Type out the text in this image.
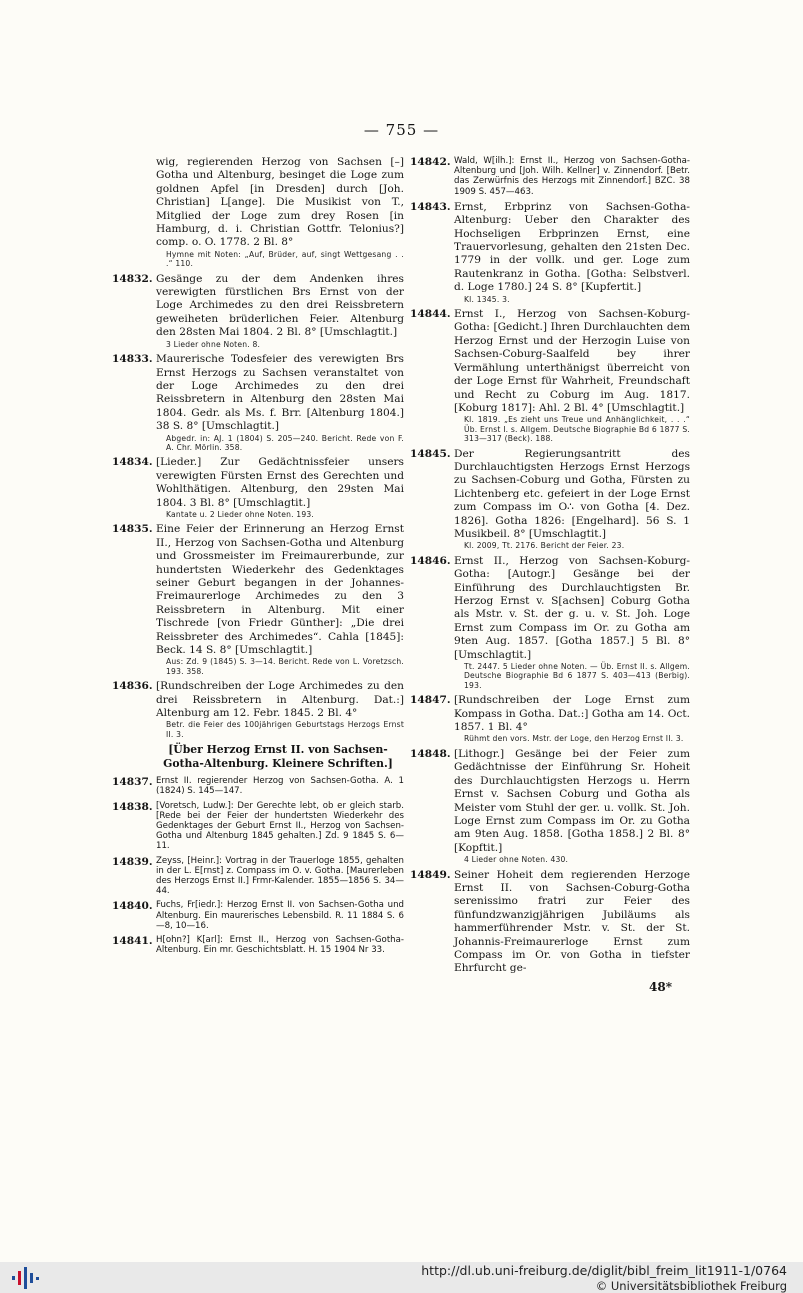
— 755 —
wig, regierenden Herzog von Sachsen [–] Gotha und Altenburg, besinget die Loge zum goldnen Apfel [in Dresden] durch [Joh. Christian] L[ange]. Die Musikist von T., Mitglied der Loge zum drey Rosen [in Hamburg, d. i. Christian Gottfr. Telonius?] comp. o. O. 1778. 2 Bl. 8°
Hymne mit Noten: „Auf, Brüder, auf, singt Wettgesang . . .“ 110.
14832. Gesänge zu der dem Andenken ihres verewigten fürstlichen Brs Ernst von der Loge Archimedes zu den drei Reissbretern geweiheten brüderlichen Feier. Altenburg den 28sten Mai 1804. 2 Bl. 8° [Umschlagtit.]
3 Lieder ohne Noten. 8.
14833. Maurerische Todesfeier des verewigten Brs Ernst Herzogs zu Sachsen veranstaltet von der Loge Archimedes zu den drei Reissbretern in Altenburg den 28sten Mai 1804. Gedr. als Ms. f. Brr. [Altenburg 1804.] 38 S. 8° [Umschlagtit.]
Abgedr. in: AJ. 1 (1804) S. 205—240. Bericht. Rede von F. A. Chr. Mörlin. 358.
14834. [Lieder.] Zur Gedächtnissfeier unsers verewigten Fürsten Ernst des Gerechten und Wohlthätigen. Altenburg, den 29sten Mai 1804. 3 Bl. 8° [Umschlagtit.]
Kantate u. 2 Lieder ohne Noten. 193.
14835. Eine Feier der Erinnerung an Herzog Ernst II., Herzog von Sachsen-Gotha und Altenburg und Grossmeister im Freimaurerbunde, zur hundertsten Wiederkehr des Gedenktages seiner Geburt begangen in der Johannes-Freimaurerloge Archimedes zu den 3 Reissbretern in Altenburg. Mit einer Tischrede [von Friedr Günther]: „Die drei Reissbreter des Archimedes“. Cahla [1845]: Beck. 14 S. 8° [Umschlagtit.]
Aus: Zd. 9 (1845) S. 3—14. Bericht. Rede von L. Voretzsch. 193. 358.
14836. [Rundschreiben der Loge Archimedes zu den drei Reissbretern in Altenburg. Dat.:] Altenburg am 12. Febr. 1845. 2 Bl. 4°
Betr. die Feier des 100jährigen Geburtstags Herzogs Ernst II. 3.
[Über Herzog Ernst II. von Sachsen-Gotha-Altenburg. Kleinere Schriften.]
14837. Ernst II. regierender Herzog von Sachsen-Gotha. A. 1 (1824) S. 145—147.
14838. [Voretsch, Ludw.]: Der Gerechte lebt, ob er gleich starb. [Rede bei der Feier der hundertsten Wiederkehr des Gedenktages der Geburt Ernst II., Herzog von Sachsen-Gotha und Altenburg 1845 gehalten.] Zd. 9 1845 S. 6—11.
14839. Zeyss, [Heinr.]: Vortrag in der Trauerloge 1855, gehalten in der L. E[rnst] z. Compass im O. v. Gotha. [Maurerleben des Herzogs Ernst II.] Frmr-Kalender. 1855—1856 S. 34—44.
14840. Fuchs, Fr[iedr.]: Herzog Ernst II. von Sachsen-Gotha und Altenburg. Ein maurerisches Lebensbild. R. 11 1884 S. 6—8, 10—16.
14841. H[ohn?] K[arl]: Ernst II., Herzog von Sachsen-Gotha-Altenburg. Ein mr. Geschichtsblatt. H. 15 1904 Nr 33.
14842. Wald, W[ilh.]: Ernst II., Herzog von Sachsen-Gotha-Altenburg und [Joh. Wilh. Kellner] v. Zinnendorf. [Betr. das Zerwürfnis des Herzogs mit Zinnendorf.] BZC. 38 1909 S. 457—463.
14843. Ernst, Erbprinz von Sachsen-Gotha-Altenburg: Ueber den Charakter des Hochseligen Erbprinzen Ernst, eine Trauervorlesung, gehalten den 21sten Dec. 1779 in der vollk. und ger. Loge zum Rautenkranz in Gotha. [Gotha: Selbstverl. d. Loge 1780.] 24 S. 8° [Kupfertit.]
Kl. 1345. 3.
14844. Ernst I., Herzog von Sachsen-Koburg-Gotha: [Gedicht.] Ihren Durchlauchten dem Herzog Ernst und der Herzogin Luise von Sachsen-Coburg-Saalfeld bey ihrer Vermählung unterthänigst überreicht von der Loge Ernst für Wahrheit, Freundschaft und Recht zu Coburg im Aug. 1817. [Koburg 1817]: Ahl. 2 Bl. 4° [Umschlagtit.]
Kl. 1819. „Es zieht uns Treue und Anhänglichkeit, . . .“ Üb. Ernst I. s. Allgem. Deutsche Biographie Bd 6 1877 S. 313—317 (Beck). 188.
14845. Der Regierungsantritt des Durchlauchtigsten Herzogs Ernst Herzogs zu Sachsen-Coburg und Gotha, Fürsten zu Lichtenberg etc. gefeiert in der Loge Ernst zum Compass im O∴ von Gotha [4. Dez. 1826]. Gotha 1826: [Engelhard]. 56 S. 1 Musikbeil. 8° [Umschlagtit.]
Kl. 2009, Tt. 2176. Bericht der Feier. 23.
14846. Ernst II., Herzog von Sachsen-Koburg-Gotha: [Autogr.] Gesänge bei der Einführung des Durchlauchtigsten Br. Herzog Ernst v. S[achsen] Coburg Gotha als Mstr. v. St. der g. u. v. St. Joh. Loge Ernst zum Compass im Or. zu Gotha am 9ten Aug. 1857. [Gotha 1857.] 5 Bl. 8° [Umschlagtit.]
Tt. 2447. 5 Lieder ohne Noten. — Üb. Ernst II. s. Allgem. Deutsche Biographie Bd 6 1877 S. 403—413 (Berbig). 193.
14847. [Rundschreiben der Loge Ernst zum Kompass in Gotha. Dat.:] Gotha am 14. Oct. 1857. 1 Bl. 4°
Rühmt den vors. Mstr. der Loge, den Herzog Ernst II. 3.
14848. [Lithogr.] Gesänge bei der Feier zum Gedächtnisse der Einführung Sr. Hoheit des Durchlauchtigsten Herzogs u. Herrn Ernst v. Sachsen Coburg und Gotha als Meister vom Stuhl der ger. u. vollk. St. Joh. Loge Ernst zum Compass im Or. zu Gotha am 9ten Aug. 1858. [Gotha 1858.] 2 Bl. 8° [Kopftit.]
4 Lieder ohne Noten. 430.
14849. Seiner Hoheit dem regierenden Herzoge Ernst II. von Sachsen-Coburg-Gotha serenissimo fratri zur Feier des fünfundzwanzigjährigen Jubiläums als hammerführender Mstr. v. St. der St. Johannis-Freimaurerloge Ernst zum Compass im Or. von Gotha in tiefster Ehrfurcht ge-
48*
http://dl.ub.uni-freiburg.de/diglit/bibl_freim_lit1911-1/0764
© Universitätsbibliothek Freiburg
